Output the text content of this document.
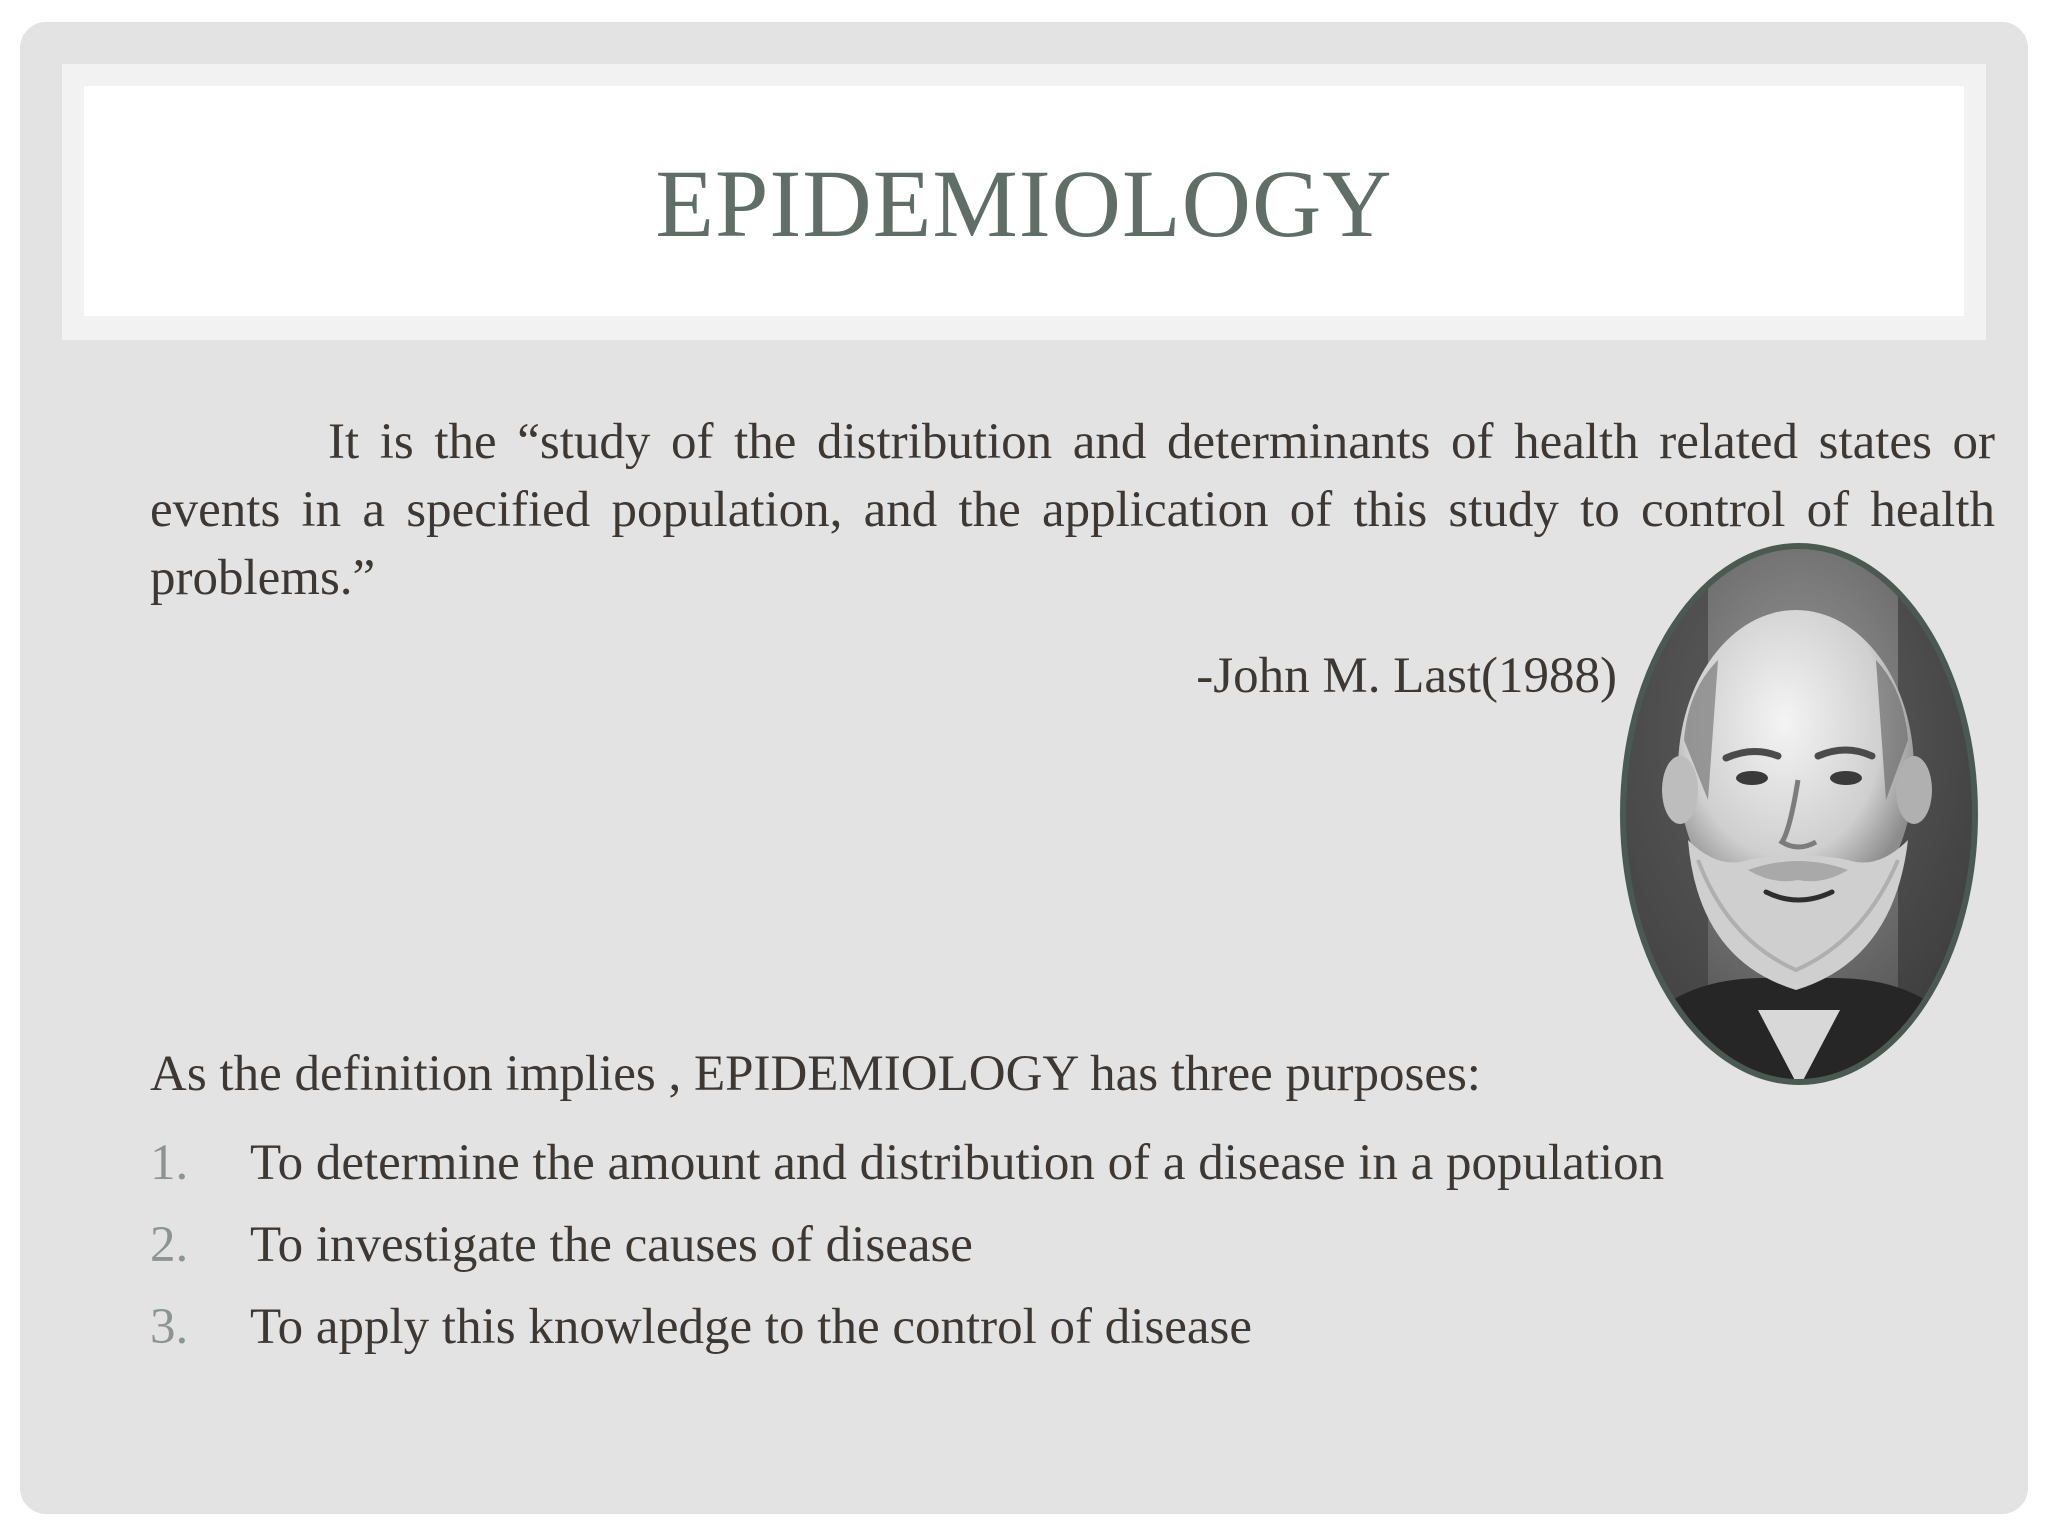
EPIDEMIOLOGY

It is the “study of the distribution and determinants of health related states or events in a specified population, and the application of this study to control of health problems.”

-John M. Last(1988)
As the definition implies , EPIDEMIOLOGY has three purposes:
1.	To determine the amount and distribution of a disease in a population
2.	To investigate the causes of disease
3.	To apply this knowledge to the control of disease
